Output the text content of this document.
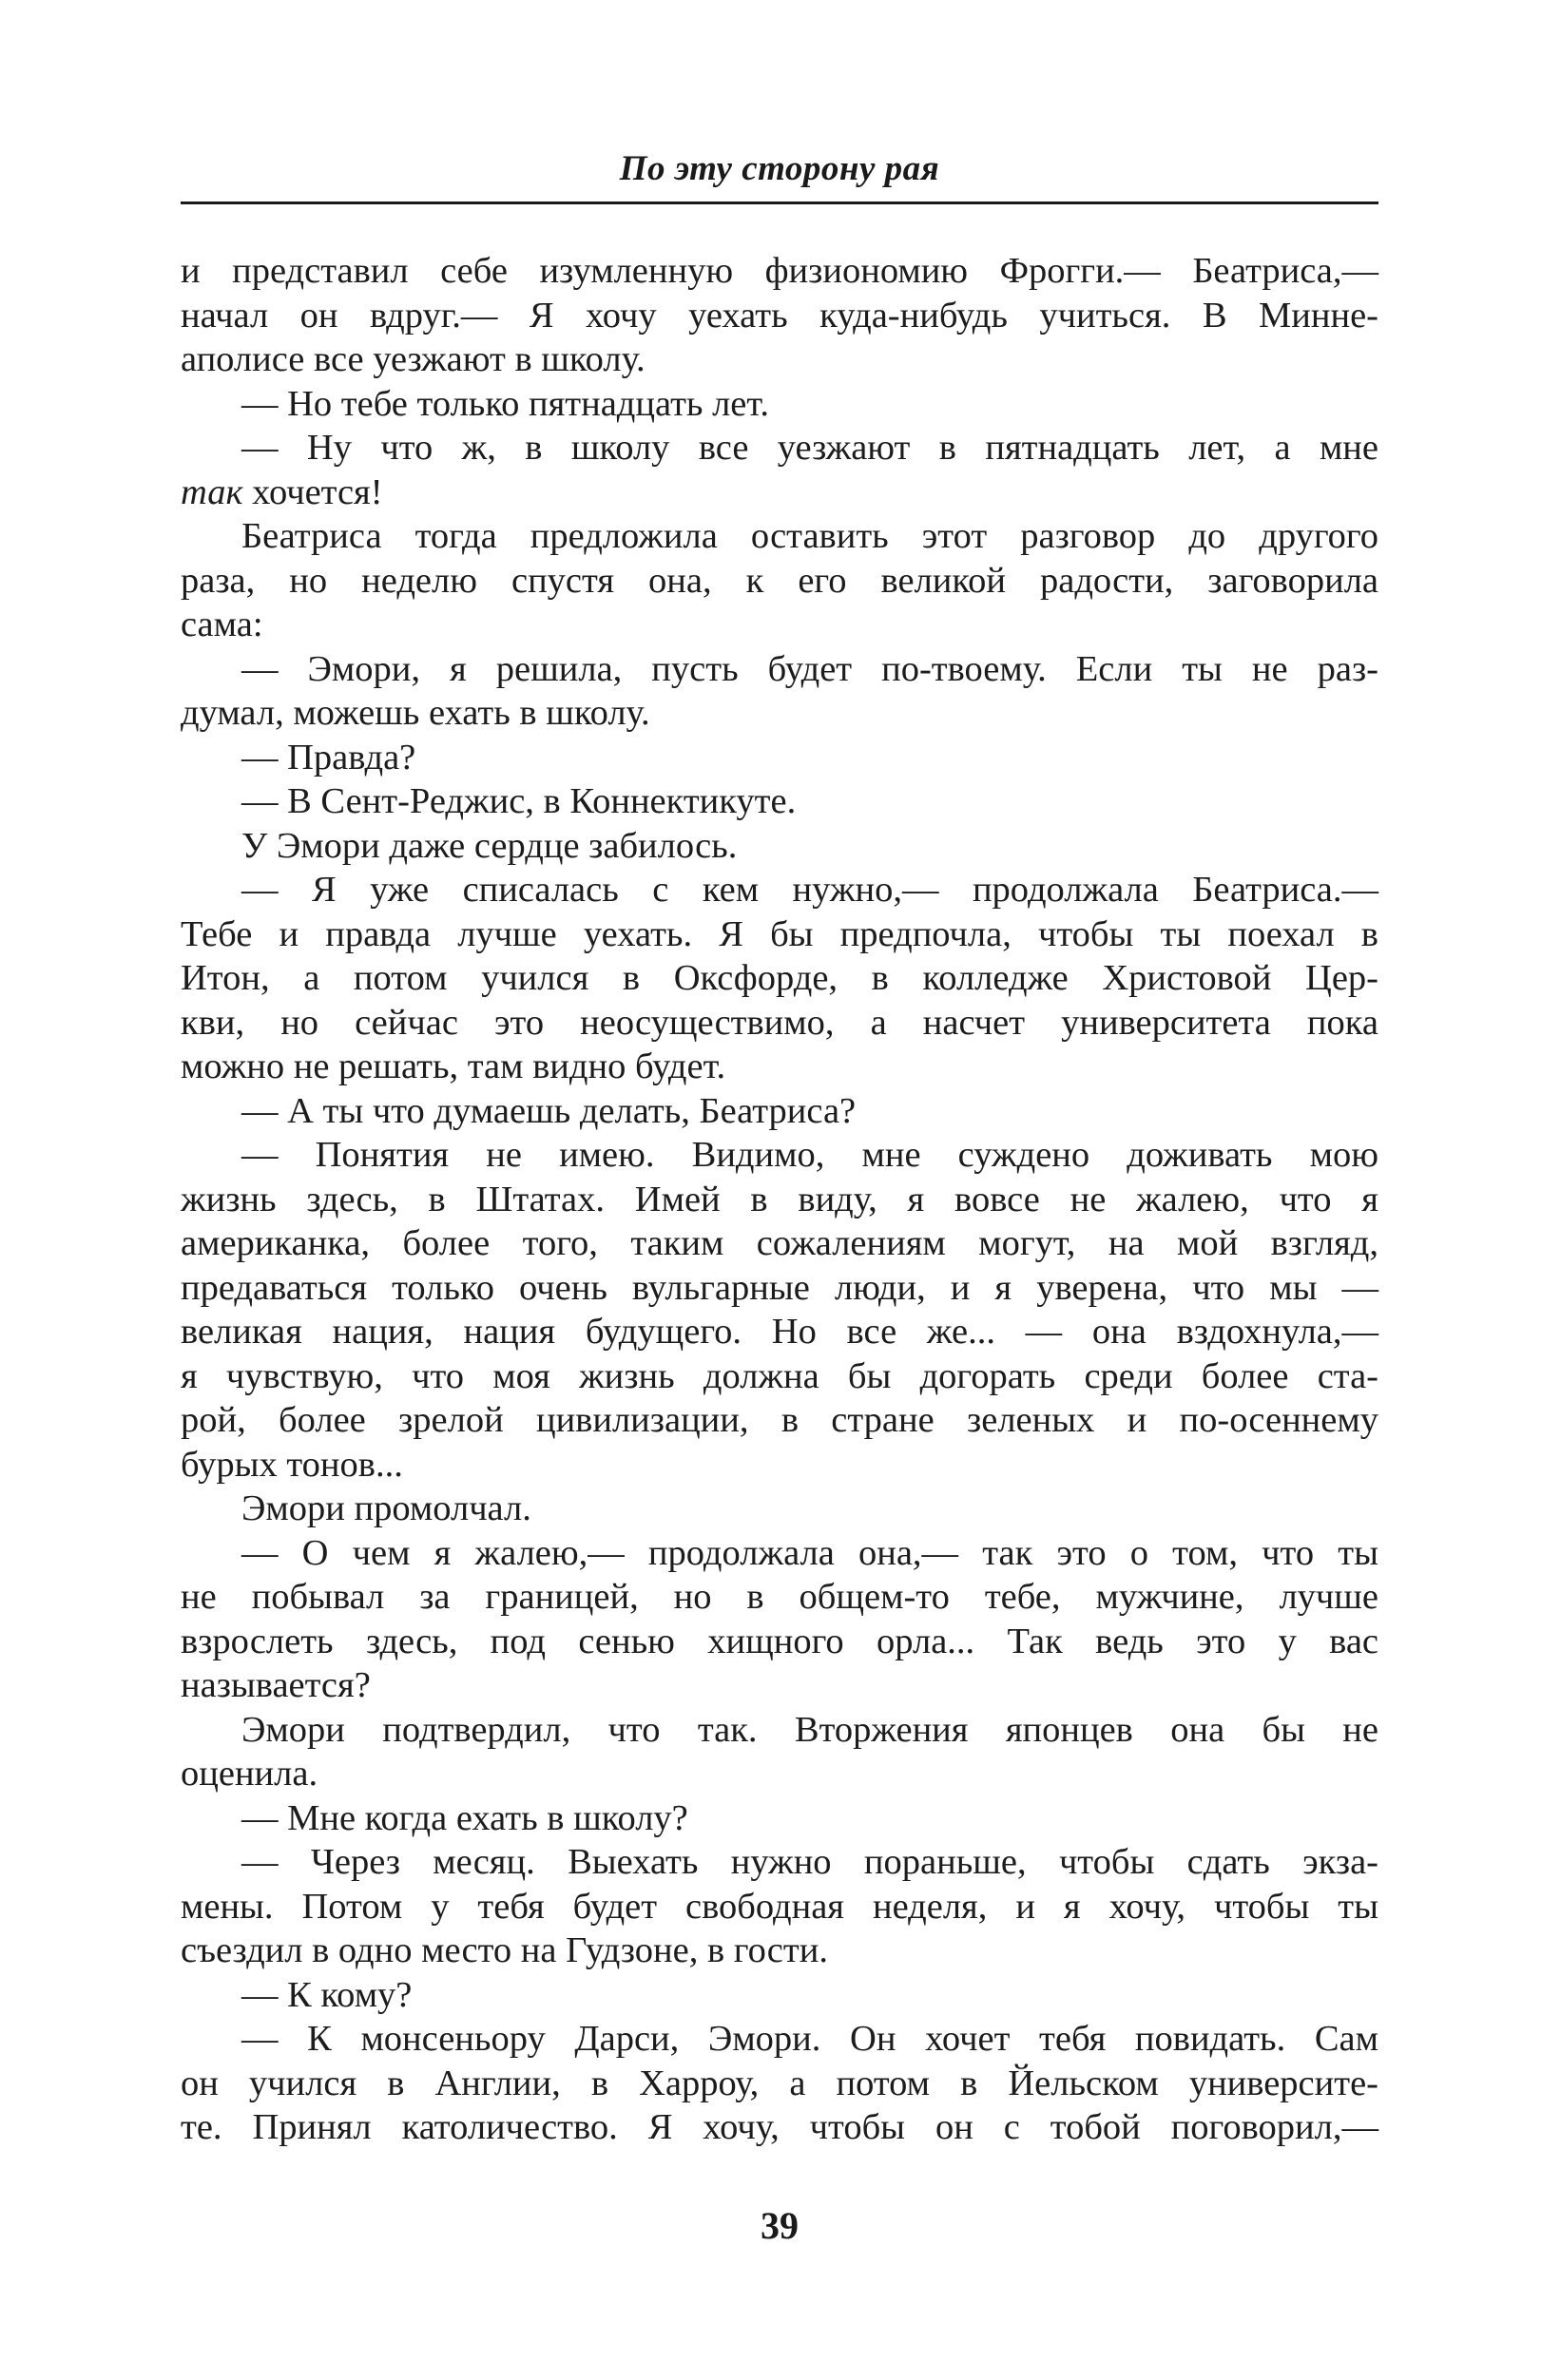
По эту сторону рая
и представил себе изумленную физиономию Фрогги.— Беатриса,—
начал он вдруг.— Я хочу уехать куда-нибудь учиться. В Минне-
аполисе все уезжают в школу.
— Но тебе только пятнадцать лет.
— Ну что ж, в школу все уезжают в пятнадцать лет, а мне
так хочется!
Беатриса тогда предложила оставить этот разговор до другого
раза, но неделю спустя она, к его великой радости, заговорила
сама:
— Эмори, я решила, пусть будет по-твоему. Если ты не раз-
думал, можешь ехать в школу.
— Правда?
— В Сент-Реджис, в Коннектикуте.
У Эмори даже сердце забилось.
— Я уже списалась с кем нужно,— продолжала Беатриса.—
Тебе и правда лучше уехать. Я бы предпочла, чтобы ты поехал в
Итон, а потом учился в Оксфорде, в колледже Христовой Цер-
кви, но сейчас это неосуществимо, а насчет университета пока
можно не решать, там видно будет.
— А ты что думаешь делать, Беатриса?
— Понятия не имею. Видимо, мне суждено доживать мою
жизнь здесь, в Штатах. Имей в виду, я вовсе не жалею, что я
американка, более того, таким сожалениям могут, на мой взгляд,
предаваться только очень вульгарные люди, и я уверена, что мы —
великая нация, нация будущего. Но все же... — она вздохнула,—
я чувствую, что моя жизнь должна бы догорать среди более ста-
рой, более зрелой цивилизации, в стране зеленых и по-осеннему
бурых тонов...
Эмори промолчал.
— О чем я жалею,— продолжала она,— так это о том, что ты
не побывал за границей, но в общем-то тебе, мужчине, лучше
взрослеть здесь, под сенью хищного орла... Так ведь это у вас
называется?
Эмори подтвердил, что так. Вторжения японцев она бы не
оценила.
— Мне когда ехать в школу?
— Через месяц. Выехать нужно пораньше, чтобы сдать экза-
мены. Потом у тебя будет свободная неделя, и я хочу, чтобы ты
съездил в одно место на Гудзоне, в гости.
— К кому?
— К монсеньору Дарси, Эмори. Он хочет тебя повидать. Сам
он учился в Англии, в Харроу, а потом в Йельском университе-
те. Принял католичество. Я хочу, чтобы он с тобой поговорил,—
39
